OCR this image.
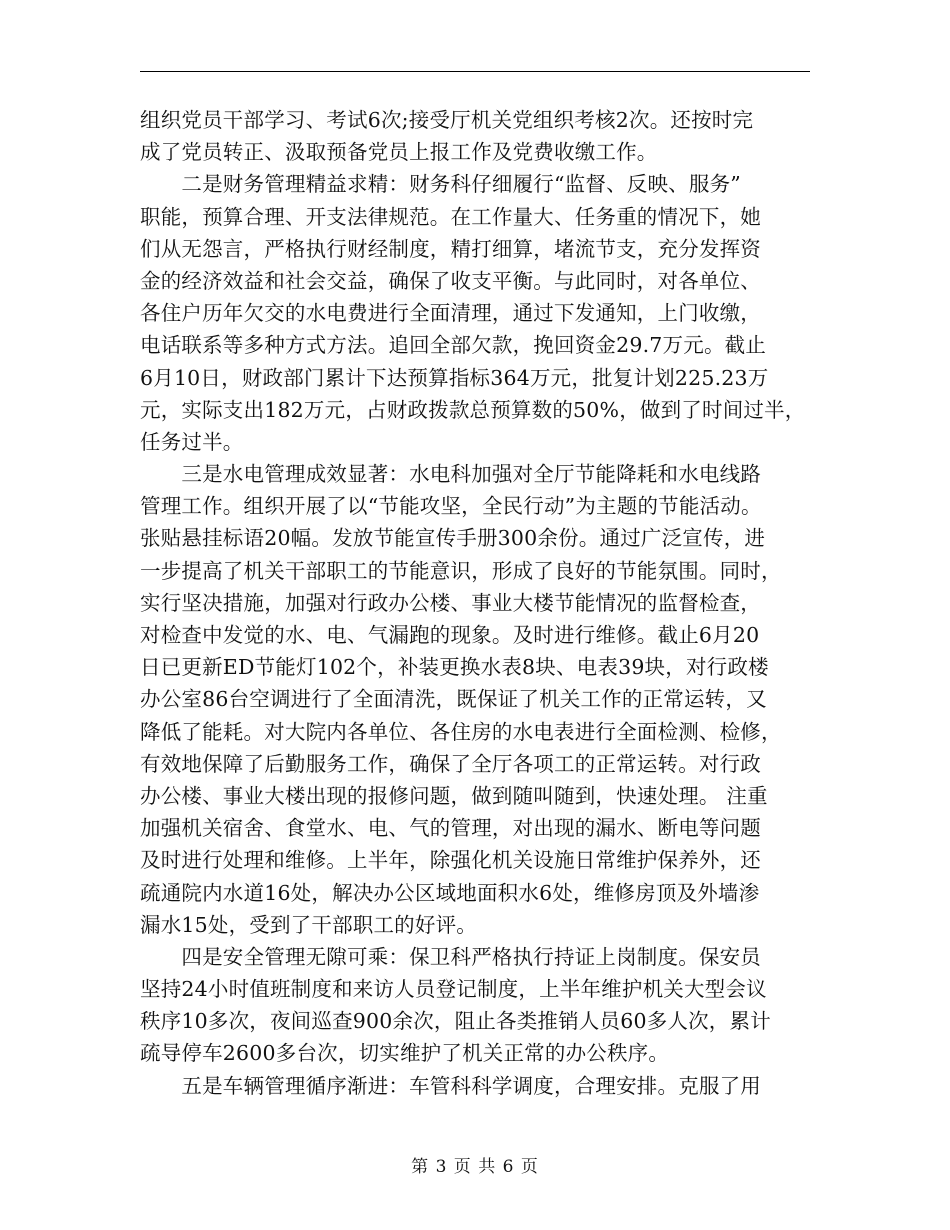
组织党员干部学习、考试6次;接受厅机关党组织考核2次。还按时完
成了党员转正、汲取预备党员上报工作及党费收缴工作。
　　二是财务管理精益求精：财务科仔细履行“监督、反映、服务”
职能，预算合理、开支法律规范。在工作量大、任务重的情况下，她
们从无怨言，严格执行财经制度，精打细算，堵流节支，充分发挥资
金的经济效益和社会交益，确保了收支平衡。与此同时，对各单位、
各住户历年欠交的水电费进行全面清理，通过下发通知，上门收缴，
电话联系等多种方式方法。追回全部欠款，挽回资金29.7万元。截止
6月10日，财政部门累计下达预算指标364万元，批复计划225.23万
元，实际支出182万元，占财政拨款总预算数的50%，做到了时间过半，
任务过半。
　　三是水电管理成效显著：水电科加强对全厅节能降耗和水电线路
管理工作。组织开展了以“节能攻坚，全民行动”为主题的节能活动。
张贴悬挂标语20幅。发放节能宣传手册300余份。通过广泛宣传，进
一步提高了机关干部职工的节能意识，形成了良好的节能氛围。同时，
实行坚决措施，加强对行政办公楼、事业大楼节能情况的监督检查，
对检查中发觉的水、电、气漏跑的现象。及时进行维修。截止6月20
日已更新ED节能灯102个，补装更换水表8块、电表39块，对行政楼
办公室86台空调进行了全面清洗，既保证了机关工作的正常运转，又
降低了能耗。对大院内各单位、各住房的水电表进行全面检测、检修，
有效地保障了后勤服务工作，确保了全厅各项工的正常运转。对行政
办公楼、事业大楼出现的报修问题，做到随叫随到，快速处理。 注重
加强机关宿舍、食堂水、电、气的管理，对出现的漏水、断电等问题
及时进行处理和维修。上半年，除强化机关设施日常维护保养外，还
疏通院内水道16处，解决办公区域地面积水6处，维修房顶及外墙渗
漏水15处，受到了干部职工的好评。
　　四是安全管理无隙可乘：保卫科严格执行持证上岗制度。保安员
坚持24小时值班制度和来访人员登记制度，上半年维护机关大型会议
秩序10多次，夜间巡查900余次，阻止各类推销人员60多人次，累计
疏导停车2600多台次，切实维护了机关正常的办公秩序。
　　五是车辆管理循序渐进：车管科科学调度，合理安排。克服了用
第 3 页 共 6 页
